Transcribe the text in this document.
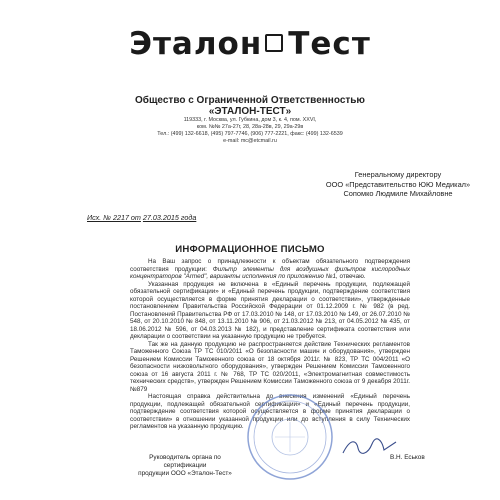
Эталон Тест
Общество с Ограниченной Ответственностью
«ЭТАЛОН-ТЕСТ»
119333, г. Москва, ул. Губкина, дом 3, к. 4, пом. XXVI,
ком. №№ 27а-27г, 28, 28а-28в, 29, 29а-29в
Тел.: (499) 132-6618, (495) 797-7746, (906) 777-2221, факс: (499) 132-6539
e-mail: mc@etcmail.ru
Генеральному директору
ООО «Представительство ЮЮ Медикал»
Сопомко Людмиле Михайловне
Исх. № 2217 от 27.03.2015 года
ИНФОРМАЦИОННОЕ ПИСЬМО

На Ваш запрос о принадлежности к объектам обязательного подтверждения соответствия продукции: Фильтр элементы для воздушных фильтров кислородных концентраторов "Armed", варианты исполнения по приложению №1, отвечаю.

Указанная продукция не включена в «Единый перечень продукции, подлежащей обязательной сертификации» и «Единый перечень продукции, подтверждение соответствия которой осуществляется в форме принятия декларации о соответствии», утвержденные постановлением Правительства Российской Федерации от 01.12.2009 г. № 982 (в ред. Постановлений Правительства РФ от 17.03.2010 № 148, от 17.03.2010 № 149, от 26.07.2010 № 548, от 20.10.2010 № 848, от 13.11.2010 № 906, от 21.03.2012 № 213, от 04.05.2012 № 435, от 18.06.2012 № 596, от 04.03.2013 № 182), и представление сертификата соответствия или декларации о соответствии на указанную продукцию не требуется.

Так же на данную продукцию не распространяется действие Технических регламентов Таможенного Союза ТР ТС 010/2011 «О безопасности машин и оборудования», утвержден Решением Комиссии Таможенного союза от 18 октября 2011г. № 823, ТР ТС 004/2011 «О безопасности низковольтного оборудования», утвержден Решением Комиссии Таможенного союза от 16 августа 2011 г. № 768, ТР ТС 020/2011, «Электромагнитная совместимость технических средств», утвержден Решением Комиссии Таможенного союза от 9 декабря 2011г. №879

Настоящая справка действительна до внесения изменений «Единый перечень продукции, подлежащей обязательной сертификации» и «Единый перечень продукции, подтверждение соответствия которой осуществляется в форме принятия декларации о соответствии» в отношении указанной продукции или до вступления в силу Технических регламентов на указанную продукцию.

Руководитель органа по сертификации
продукции ООО «Эталон-Тест»
В.Н. Еськов
